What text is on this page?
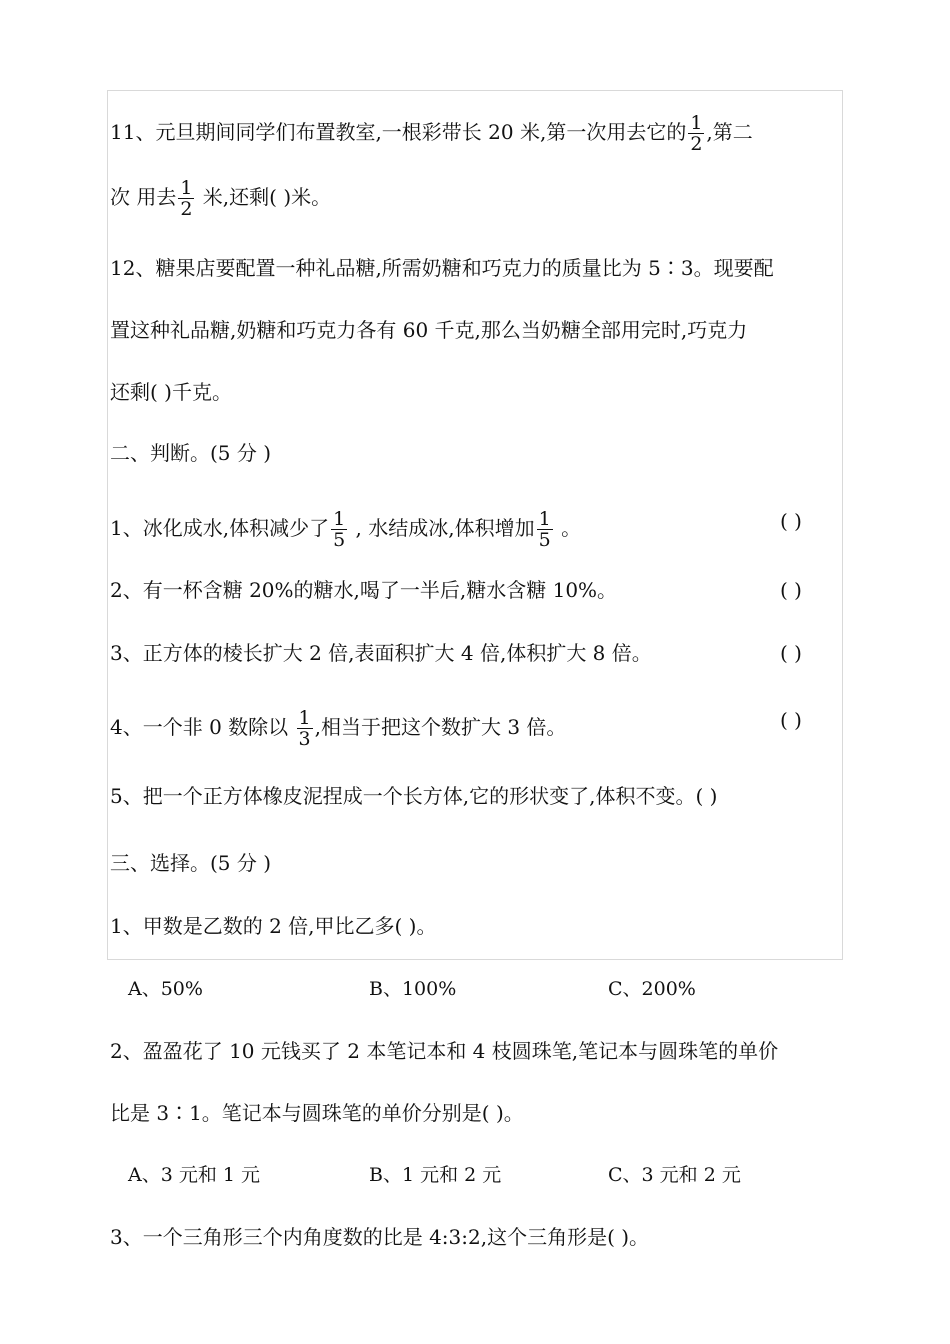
11、元旦期间同学们布置教室,一根彩带长 20 米,第一次用去它的 $\frac{1}{2}$ ,第二
次 用去 $\frac{1}{2}$ 米,还剩( )米。
12、糖果店要配置一种礼品糖,所需奶糖和巧克力的质量比为 5∶3。现要配
置这种礼品糖,奶糖和巧克力各有 60 千克,那么当奶糖全部用完时,巧克力
还剩( )千克。
二、判断。(5 分 )
1、冰化成水,体积减少了 $\frac{1}{5}$ , 水结成冰,体积增加 $\frac{1}{5}$ 。	( )
2、有一杯含糖 20%的糖水,喝了一半后,糖水含糖 10%。	( )
3、正方体的棱长扩大 2 倍,表面积扩大 4 倍,体积扩大 8 倍。	( )
4、一个非 0 数除以 $\frac{1}{3}$ ,相当于把这个数扩大 3 倍。	( )
5、把一个正方体橡皮泥捏成一个长方体,它的形状变了,体积不变。( )
三、选择。(5 分 )
1、甲数是乙数的 2 倍,甲比乙多( )。
A、50%	B、100%	C、200%
2、盈盈花了 10 元钱买了 2 本笔记本和 4 枝圆珠笔,笔记本与圆珠笔的单价
比是 3∶1。笔记本与圆珠笔的单价分别是( )。
A、3 元和 1 元	B、1 元和 2 元	C、3 元和 2 元
3、一个三角形三个内角度数的比是 4:3:2,这个三角形是( )。
